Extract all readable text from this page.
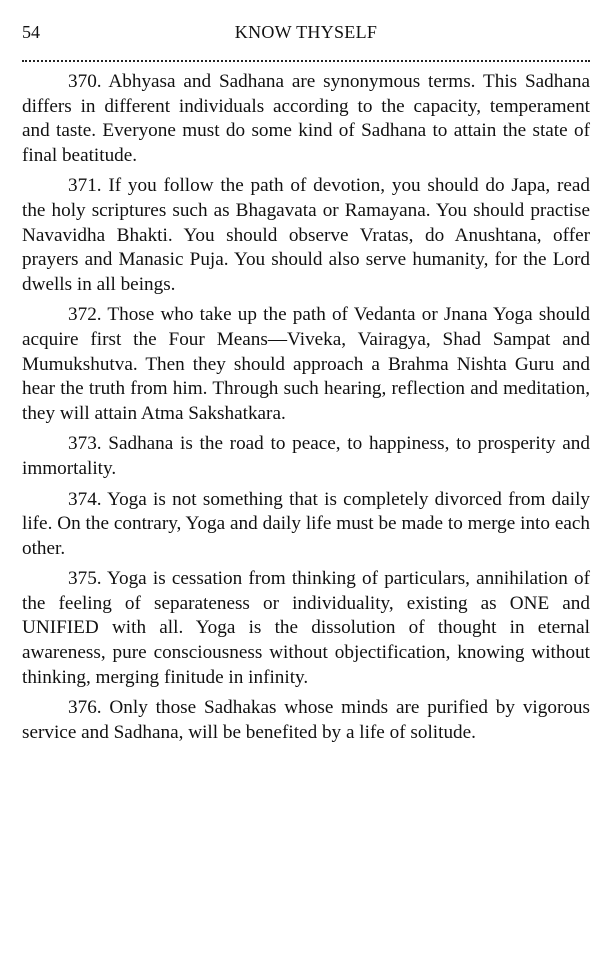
54	KNOW THYSELF

370. Abhyasa and Sadhana are synonymous terms. This Sadhana differs in different individuals according to the capacity, temperament and taste. Everyone must do some kind of Sadhana to attain the state of final beatitude.

371. If you follow the path of devotion, you should do Japa, read the holy scriptures such as Bhagavata or Ramayana. You should practise Navavidha Bhakti. You should observe Vratas, do Anushtana, offer prayers and Manasic Puja. You should also serve humanity, for the Lord dwells in all beings.

372. Those who take up the path of Vedanta or Jnana Yoga should acquire first the Four Means—Viveka, Vairagya, Shad Sampat and Mumukshutva. Then they should approach a Brahma Nishta Guru and hear the truth from him. Through such hearing, reflection and meditation, they will attain Atma Sakshatkara.

373. Sadhana is the road to peace, to happiness, to prosperity and immortality.

374. Yoga is not something that is completely divorced from daily life. On the contrary, Yoga and daily life must be made to merge into each other.

375. Yoga is cessation from thinking of particulars, annihilation of the feeling of separateness or individuality, existing as ONE and UNIFIED with all. Yoga is the dissolution of thought in eternal awareness, pure consciousness without objectification, knowing without thinking, merging finitude in infinity.

376. Only those Sadhakas whose minds are purified by vigorous service and Sadhana, will be benefited by a life of solitude.
